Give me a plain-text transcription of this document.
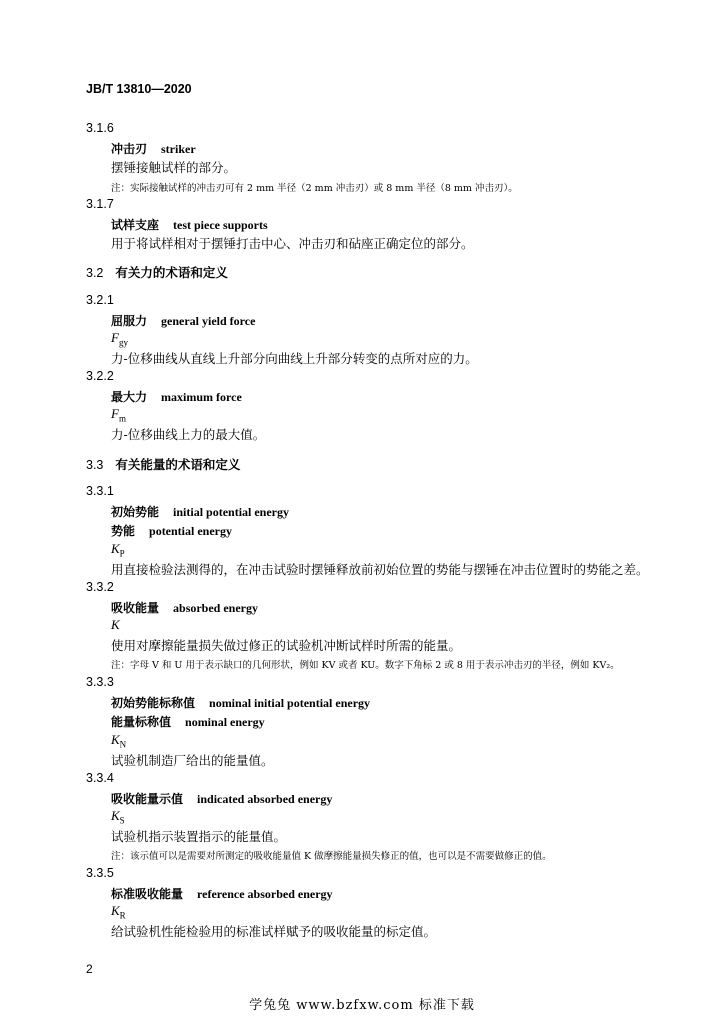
JB/T 13810—2020
3.1.6
冲击刃 striker
摆锤接触试样的部分。
注：实际接触试样的冲击刃可有 2 mm 半径（2 mm 冲击刃）或 8 mm 半径（8 mm 冲击刃）。
3.1.7
试样支座 test piece supports
用于将试样相对于摆锤打击中心、冲击刃和砧座正确定位的部分。
3.2 有关力的术语和定义
3.2.1
屈服力 general yield force
$F_{gy}$
力-位移曲线从直线上升部分向曲线上升部分转变的点所对应的力。
3.2.2
最大力 maximum force
$F_m$
力-位移曲线上力的最大值。
3.3 有关能量的术语和定义
3.3.1
初始势能 initial potential energy
势能 potential energy
$K_P$
用直接检验法测得的，在冲击试验时摆锤释放前初始位置的势能与摆锤在冲击位置时的势能之差。
3.3.2
吸收能量 absorbed energy
K
使用对摩擦能量损失做过修正的试验机冲断试样时所需的能量。
注：字母 V 和 U 用于表示缺口的几何形状，例如 KV 或者 KU。数字下角标 2 或 8 用于表示冲击刃的半径，例如 KV₂。
3.3.3
初始势能标称值 nominal initial potential energy
能量标称值 nominal energy
$K_N$
试验机制造厂给出的能量值。
3.3.4
吸收能量示值 indicated absorbed energy
$K_S$
试验机指示装置指示的能量值。
注：该示值可以是需要对所测定的吸收能量值 K 做摩擦能量损失修正的值，也可以是不需要做修正的值。
3.3.5
标准吸收能量 reference absorbed energy
$K_R$
给试验机性能检验用的标准试样赋予的吸收能量的标定值。
2
学兔兔 www.bzfxw.com 标准下载
